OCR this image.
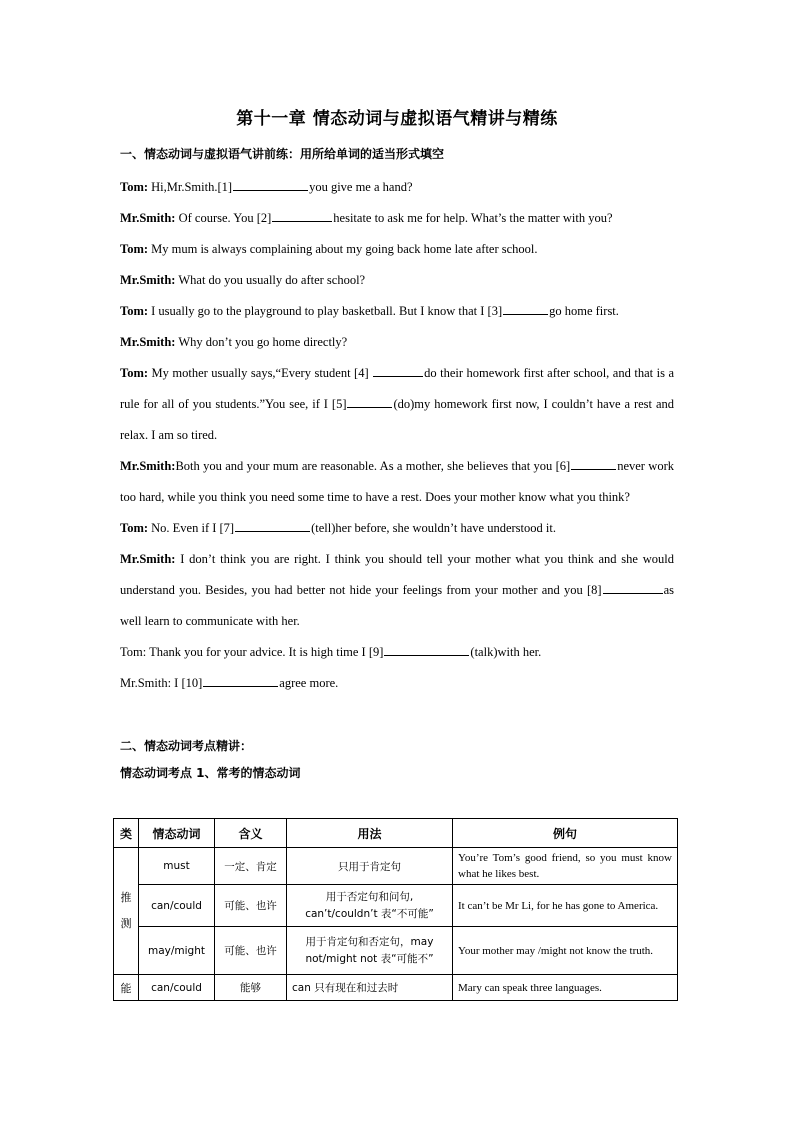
第十一章 情态动词与虚拟语气精讲与精练
一、情态动词与虚拟语气讲前练：用所给单词的适当形式填空

Tom: Hi,Mr.Smith.[1]	you give me a hand?

Mr.Smith: Of course. You [2]	hesitate to ask me for help. What’s the matter with you?

Tom: My mum is always complaining about my going back home late after school.

Mr.Smith: What do you usually do after school?

Tom: I usually go to the playground to play basketball. But I know that I [3]	go home first.

Mr.Smith: Why don’t you go home directly?

Tom: My mother usually says,“Every student [4]	do their homework first after school, and that is a rule for all of you students.”You see, if I [5]	(do)my homework first now, I couldn’t have a rest and relax. I am so tired.

Mr.Smith:Both you and your mum are reasonable. As a mother, she believes that you [6]	never work too hard, while you think you need some time to have a rest. Does your mother know what you think?

Tom: No. Even if I [7]	(tell)her before, she wouldn’t have understood it.

Mr.Smith: I don’t think you are right. I think you should tell your mother what you think and she would understand you. Besides, you had better not hide your feelings from your mother and you [8]	as well learn to communicate with her.

Tom: Thank you for your advice. It is high time I [9]	(talk)with her.

Mr.Smith: I [10]	agree more.

二、情态动词考点精讲：
情态动词考点 1、常考的情态动词
类	情态动词	含义	用法	例句

推
测	must	一定、肯定	只用于肯定句	You’re Tom’s good friend, so you must know what he likes best.
	can/could	可能、也许	用于否定句和问句, can’t/couldn’t 表“不可能”	It can’t be Mr Li, for he has gone to America.
	may/might	可能、也许	用于肯定句和否定句，may not/might not 表“可能不”	Your mother may /might not know the truth.
能	can/could	能够	can 只有现在和过去时	Mary can speak three languages.
